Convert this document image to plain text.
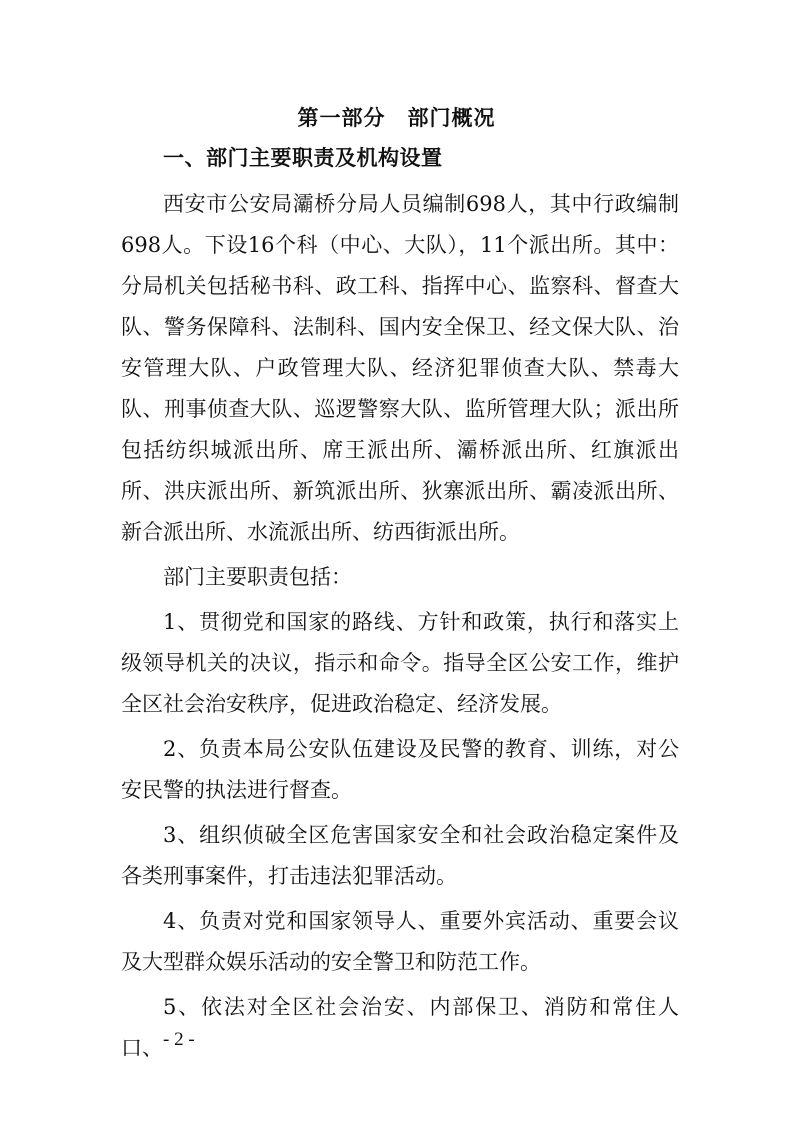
第一部分　部门概况
一、部门主要职责及机构设置

西安市公安局灞桥分局人员编制698人，其中行政编制698人。下设16个科（中心、大队），11个派出所。其中：分局机关包括秘书科、政工科、指挥中心、监察科、督查大队、警务保障科、法制科、国内安全保卫、经文保大队、治安管理大队、户政管理大队、经济犯罪侦查大队、禁毒大队、刑事侦查大队、巡逻警察大队、监所管理大队；派出所包括纺织城派出所、席王派出所、灞桥派出所、红旗派出所、洪庆派出所、新筑派出所、狄寨派出所、霸凌派出所、新合派出所、水流派出所、纺西街派出所。

部门主要职责包括：

1、贯彻党和国家的路线、方针和政策，执行和落实上级领导机关的决议，指示和命令。指导全区公安工作，维护全区社会治安秩序，促进政治稳定、经济发展。

2、负责本局公安队伍建设及民警的教育、训练，对公安民警的执法进行督查。

3、组织侦破全区危害国家安全和社会政治稳定案件及各类刑事案件，打击违法犯罪活动。

4、负责对党和国家领导人、重要外宾活动、重要会议及大型群众娱乐活动的安全警卫和防范工作。

5、依法对全区社会治安、内部保卫、消防和常住人口、 - 2 -
